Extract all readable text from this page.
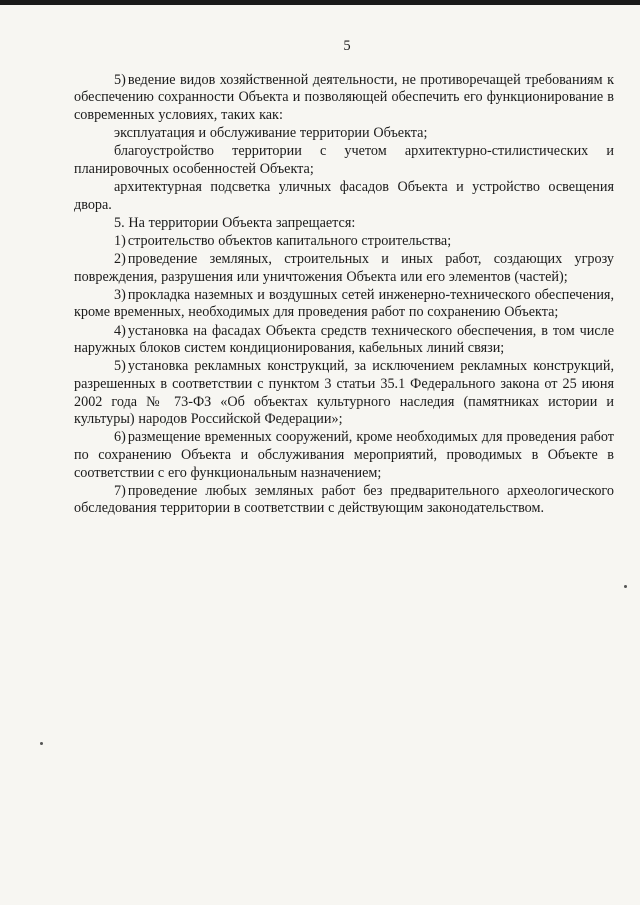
5

5) ведение видов хозяйственной деятельности, не противоречащей требованиям к обеспечению сохранности Объекта и позволяющей обеспечить его функционирование в современных условиях, таких как:

эксплуатация и обслуживание территории Объекта;

благоустройство территории с учетом архитектурно-стилистических и планировочных особенностей Объекта;

архитектурная подсветка уличных фасадов Объекта и устройство освещения двора.

5. На территории Объекта запрещается:

1) строительство объектов капитального строительства;

2) проведение земляных, строительных и иных работ, создающих угрозу повреждения, разрушения или уничтожения Объекта или его элементов (частей);

3) прокладка наземных и воздушных сетей инженерно-технического обеспечения, кроме временных, необходимых для проведения работ по сохранению Объекта;

4) установка на фасадах Объекта средств технического обеспечения, в том числе наружных блоков систем кондиционирования, кабельных линий связи;

5) установка рекламных конструкций, за исключением рекламных конструкций, разрешенных в соответствии с пунктом 3 статьи 35.1 Федерального закона от 25 июня 2002 года № 73-ФЗ «Об объектах культурного наследия (памятниках истории и культуры) народов Российской Федерации»;

6) размещение временных сооружений, кроме необходимых для проведения работ по сохранению Объекта и обслуживания мероприятий, проводимых в Объекте в соответствии с его функциональным назначением;

7) проведение любых земляных работ без предварительного археологического обследования территории в соответствии с действующим законодательством.
